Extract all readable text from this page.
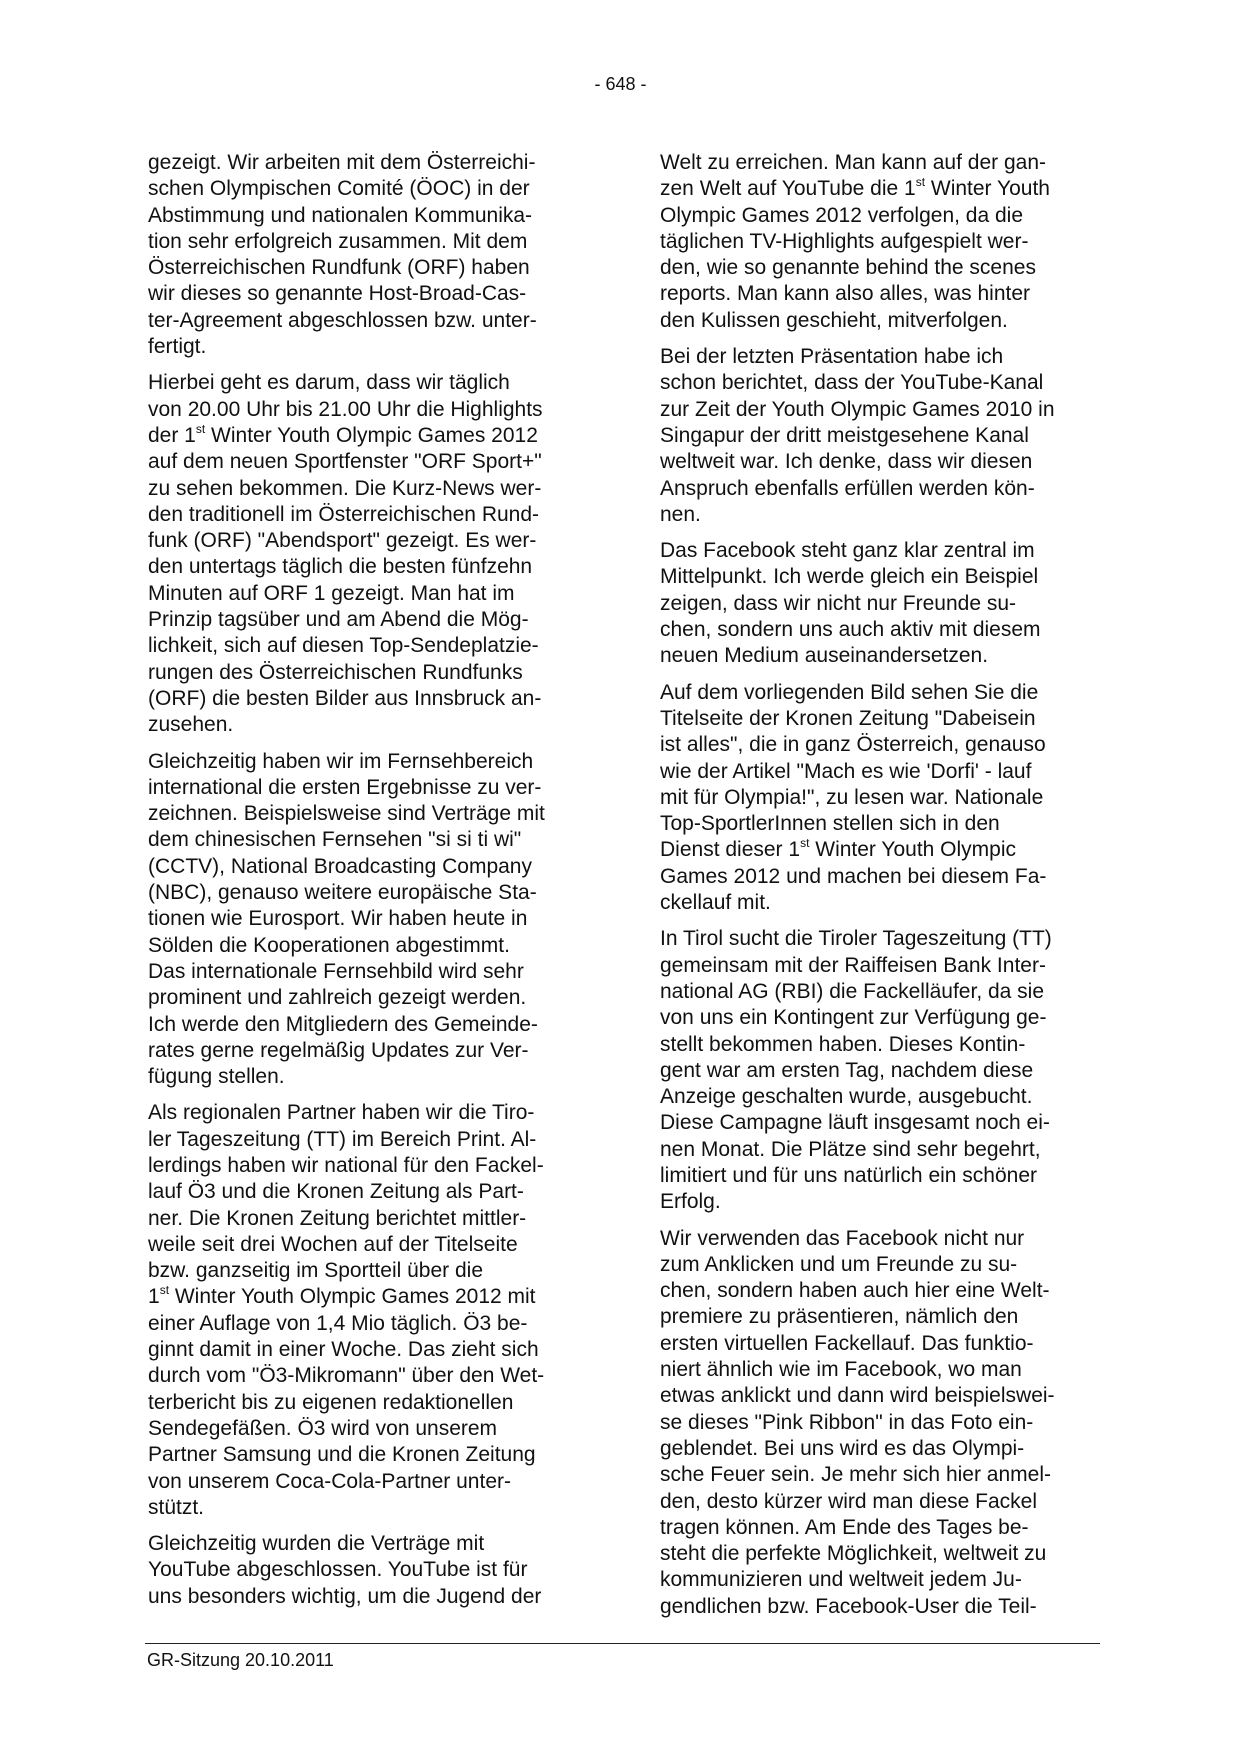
- 648 -
gezeigt. Wir arbeiten mit dem Österreichi-
schen Olympischen Comité (ÖOC) in der
Abstimmung und nationalen Kommunika-
tion sehr erfolgreich zusammen. Mit dem
Österreichischen Rundfunk (ORF) haben
wir dieses so genannte Host-Broad-Cas-
ter-Agreement abgeschlossen bzw. unter-
fertigt.
Hierbei geht es darum, dass wir täglich
von 20.00 Uhr bis 21.00 Uhr die Highlights
der 1st Winter Youth Olympic Games 2012
auf dem neuen Sportfenster "ORF Sport+"
zu sehen bekommen. Die Kurz-News wer-
den traditionell im Österreichischen Rund-
funk (ORF) "Abendsport" gezeigt. Es wer-
den untertags täglich die besten fünfzehn
Minuten auf ORF 1 gezeigt. Man hat im
Prinzip tagsüber und am Abend die Mög-
lichkeit, sich auf diesen Top-Sendeplatzie-
rungen des Österreichischen Rundfunks
(ORF) die besten Bilder aus Innsbruck an-
zusehen.
Gleichzeitig haben wir im Fernsehbereich
international die ersten Ergebnisse zu ver-
zeichnen. Beispielsweise sind Verträge mit
dem chinesischen Fernsehen "si si ti wi"
(CCTV), National Broadcasting Company
(NBC), genauso weitere europäische Sta-
tionen wie Eurosport. Wir haben heute in
Sölden die Kooperationen abgestimmt.
Das internationale Fernsehbild wird sehr
prominent und zahlreich gezeigt werden.
Ich werde den Mitgliedern des Gemeinde-
rates gerne regelmäßig Updates zur Ver-
fügung stellen.
Als regionalen Partner haben wir die Tiro-
ler Tageszeitung (TT) im Bereich Print. Al-
lerdings haben wir national für den Fackel-
lauf Ö3 und die Kronen Zeitung als Part-
ner. Die Kronen Zeitung berichtet mittler-
weile seit drei Wochen auf der Titelseite
bzw. ganzseitig im Sportteil über die
1st Winter Youth Olympic Games 2012 mit
einer Auflage von 1,4 Mio täglich. Ö3 be-
ginnt damit in einer Woche. Das zieht sich
durch vom "Ö3-Mikromann" über den Wet-
terbericht bis zu eigenen redaktionellen
Sendegefäßen. Ö3 wird von unserem
Partner Samsung und die Kronen Zeitung
von unserem Coca-Cola-Partner unter-
stützt.
Gleichzeitig wurden die Verträge mit
YouTube abgeschlossen. YouTube ist für
uns besonders wichtig, um die Jugend der
Welt zu erreichen. Man kann auf der gan-
zen Welt auf YouTube die 1st Winter Youth
Olympic Games 2012 verfolgen, da die
täglichen TV-Highlights aufgespielt wer-
den, wie so genannte behind the scenes
reports. Man kann also alles, was hinter
den Kulissen geschieht, mitverfolgen.
Bei der letzten Präsentation habe ich
schon berichtet, dass der YouTube-Kanal
zur Zeit der Youth Olympic Games 2010 in
Singapur der dritt meistgesehene Kanal
weltweit war. Ich denke, dass wir diesen
Anspruch ebenfalls erfüllen werden kön-
nen.
Das Facebook steht ganz klar zentral im
Mittelpunkt. Ich werde gleich ein Beispiel
zeigen, dass wir nicht nur Freunde su-
chen, sondern uns auch aktiv mit diesem
neuen Medium auseinandersetzen.
Auf dem vorliegenden Bild sehen Sie die
Titelseite der Kronen Zeitung "Dabeisein
ist alles", die in ganz Österreich, genauso
wie der Artikel "Mach es wie 'Dorfi' - lauf
mit für Olympia!", zu lesen war. Nationale
Top-SportlerInnen stellen sich in den
Dienst dieser 1st Winter Youth Olympic
Games 2012 und machen bei diesem Fa-
ckellauf mit.
In Tirol sucht die Tiroler Tageszeitung (TT)
gemeinsam mit der Raiffeisen Bank Inter-
national AG (RBI) die Fackelläufer, da sie
von uns ein Kontingent zur Verfügung ge-
stellt bekommen haben. Dieses Kontin-
gent war am ersten Tag, nachdem diese
Anzeige geschalten wurde, ausgebucht.
Diese Campagne läuft insgesamt noch ei-
nen Monat. Die Plätze sind sehr begehrt,
limitiert und für uns natürlich ein schöner
Erfolg.
Wir verwenden das Facebook nicht nur
zum Anklicken und um Freunde zu su-
chen, sondern haben auch hier eine Welt-
premiere zu präsentieren, nämlich den
ersten virtuellen Fackellauf. Das funktio-
niert ähnlich wie im Facebook, wo man
etwas anklickt und dann wird beispielswei-
se dieses "Pink Ribbon" in das Foto ein-
geblendet. Bei uns wird es das Olympi-
sche Feuer sein. Je mehr sich hier anmel-
den, desto kürzer wird man diese Fackel
tragen können. Am Ende des Tages be-
steht die perfekte Möglichkeit, weltweit zu
kommunizieren und weltweit jedem Ju-
gendlichen bzw. Facebook-User die Teil-
GR-Sitzung 20.10.2011
